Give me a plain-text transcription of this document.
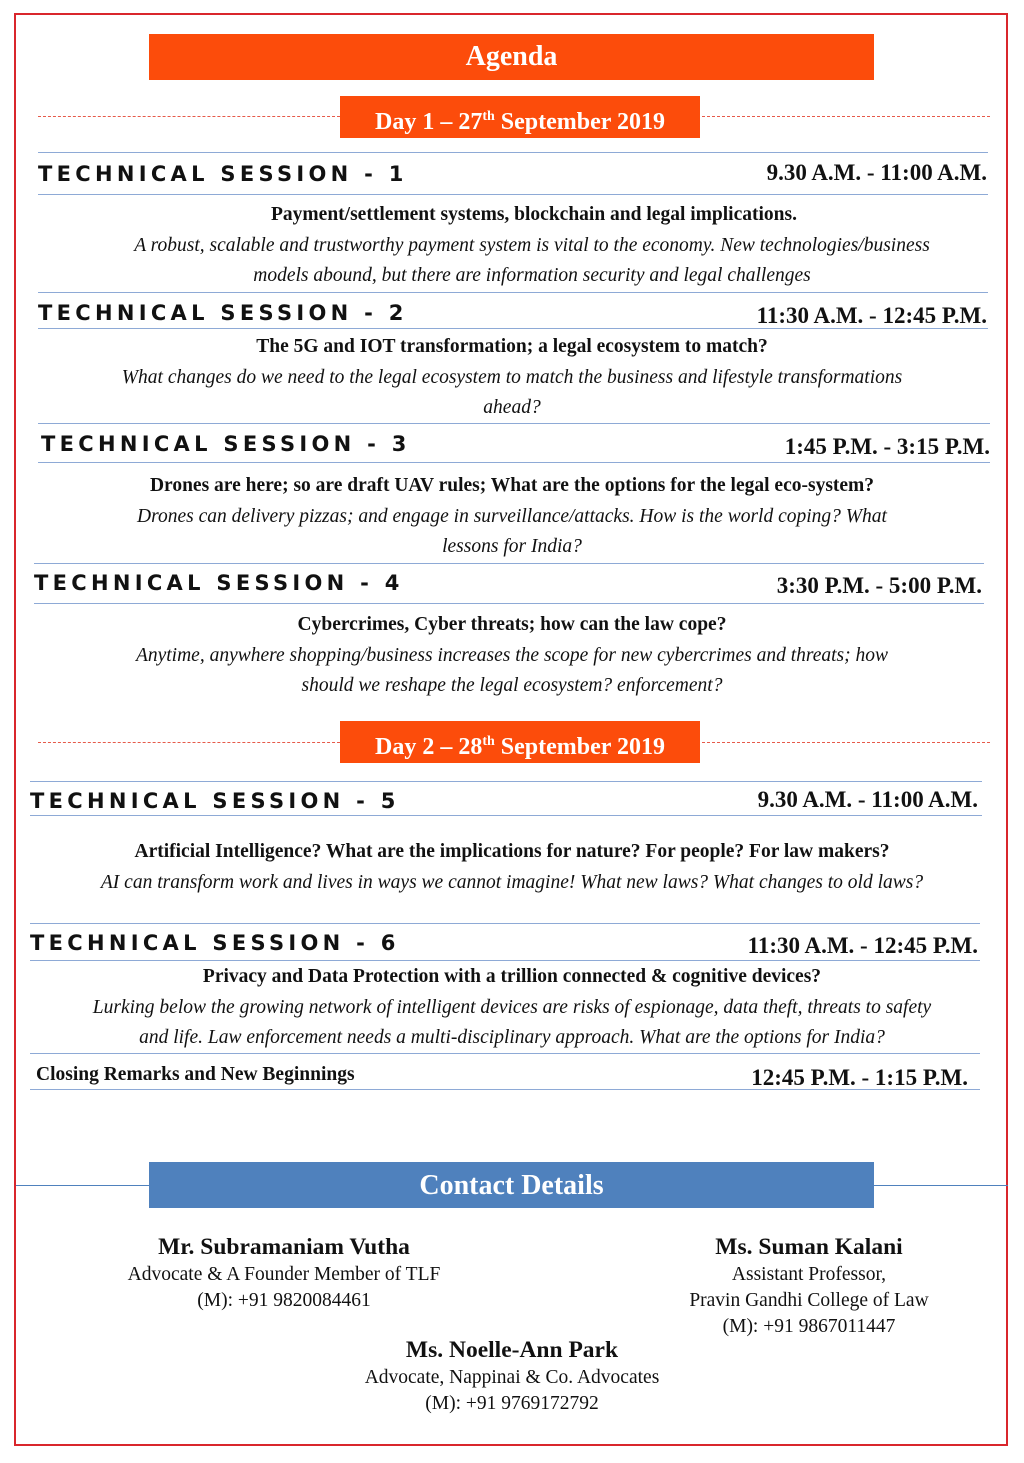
Agenda
Day 1 – 27th September 2019
TECHNICAL SESSION - 1	9.30 A.M. - 11:00 A.M.
Payment/settlement systems, blockchain and legal implications.
A robust, scalable and trustworthy payment system is vital to the economy. New technologies/business
models abound, but there are information security and legal challenges
TECHNICAL SESSION - 2	11:30 A.M. - 12:45 P.M.
The 5G and IOT transformation; a legal ecosystem to match?
What changes do we need to the legal ecosystem to match the business and lifestyle transformations
ahead?
TECHNICAL SESSION - 3	1:45 P.M. - 3:15 P.M.
Drones are here; so are draft UAV rules; What are the options for the legal eco-system?
Drones can delivery pizzas; and engage in surveillance/attacks. How is the world coping? What
lessons for India?
TECHNICAL SESSION - 4	3:30 P.M. - 5:00 P.M.
Cybercrimes, Cyber threats; how can the law cope?
Anytime, anywhere shopping/business increases the scope for new cybercrimes and threats; how
should we reshape the legal ecosystem? enforcement?
Day 2 – 28th September 2019
TECHNICAL SESSION - 5	9.30 A.M. - 11:00 A.M.
Artificial Intelligence? What are the implications for nature? For people? For law makers?
AI can transform work and lives in ways we cannot imagine! What new laws? What changes to old laws?
TECHNICAL SESSION - 6	11:30 A.M. - 12:45 P.M.
Privacy and Data Protection with a trillion connected & cognitive devices?
Lurking below the growing network of intelligent devices are risks of espionage, data theft, threats to safety
and life. Law enforcement needs a multi-disciplinary approach. What are the options for India?
Closing Remarks and New Beginnings	12:45 P.M. - 1:15 P.M.
Contact Details
Mr. Subramaniam Vutha
Advocate & A Founder Member of TLF
(M): +91 9820084461
Ms. Suman Kalani
Assistant Professor,
Pravin Gandhi College of Law
(M): +91 9867011447
Ms. Noelle-Ann Park
Advocate, Nappinai & Co. Advocates
(M): +91 9769172792
